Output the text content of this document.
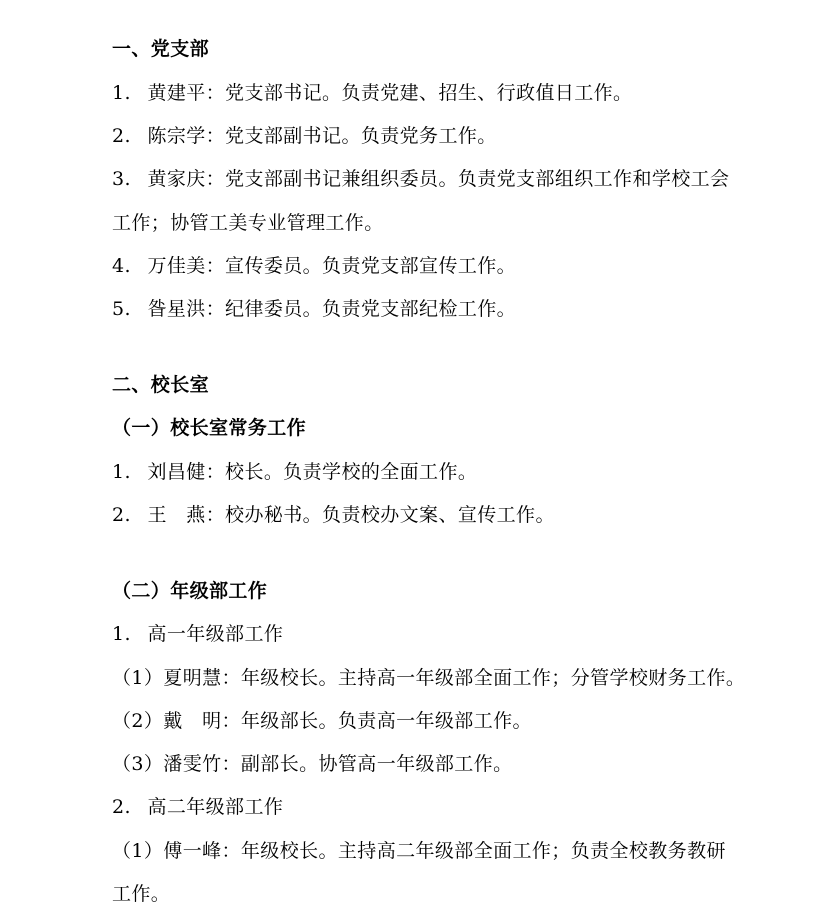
一、党支部
1. 黄建平：党支部书记。负责党建、招生、行政值日工作。
2. 陈宗学：党支部副书记。负责党务工作。
3. 黄家庆：党支部副书记兼组织委员。负责党支部组织工作和学校工会
工作；协管工美专业管理工作。
4. 万佳美：宣传委员。负责党支部宣传工作。
5. 昝星洪：纪律委员。负责党支部纪检工作。
二、校长室
（一）校长室常务工作
1. 刘昌健：校长。负责学校的全面工作。
2. 王　燕：校办秘书。负责校办文案、宣传工作。
（二）年级部工作
1. 高一年级部工作
（1）夏明慧：年级校长。主持高一年级部全面工作；分管学校财务工作。
（2）戴　明：年级部长。负责高一年级部工作。
（3）潘雯竹：副部长。协管高一年级部工作。
2. 高二年级部工作
（1）傅一峰：年级校长。主持高二年级部全面工作；负责全校教务教研
工作。
